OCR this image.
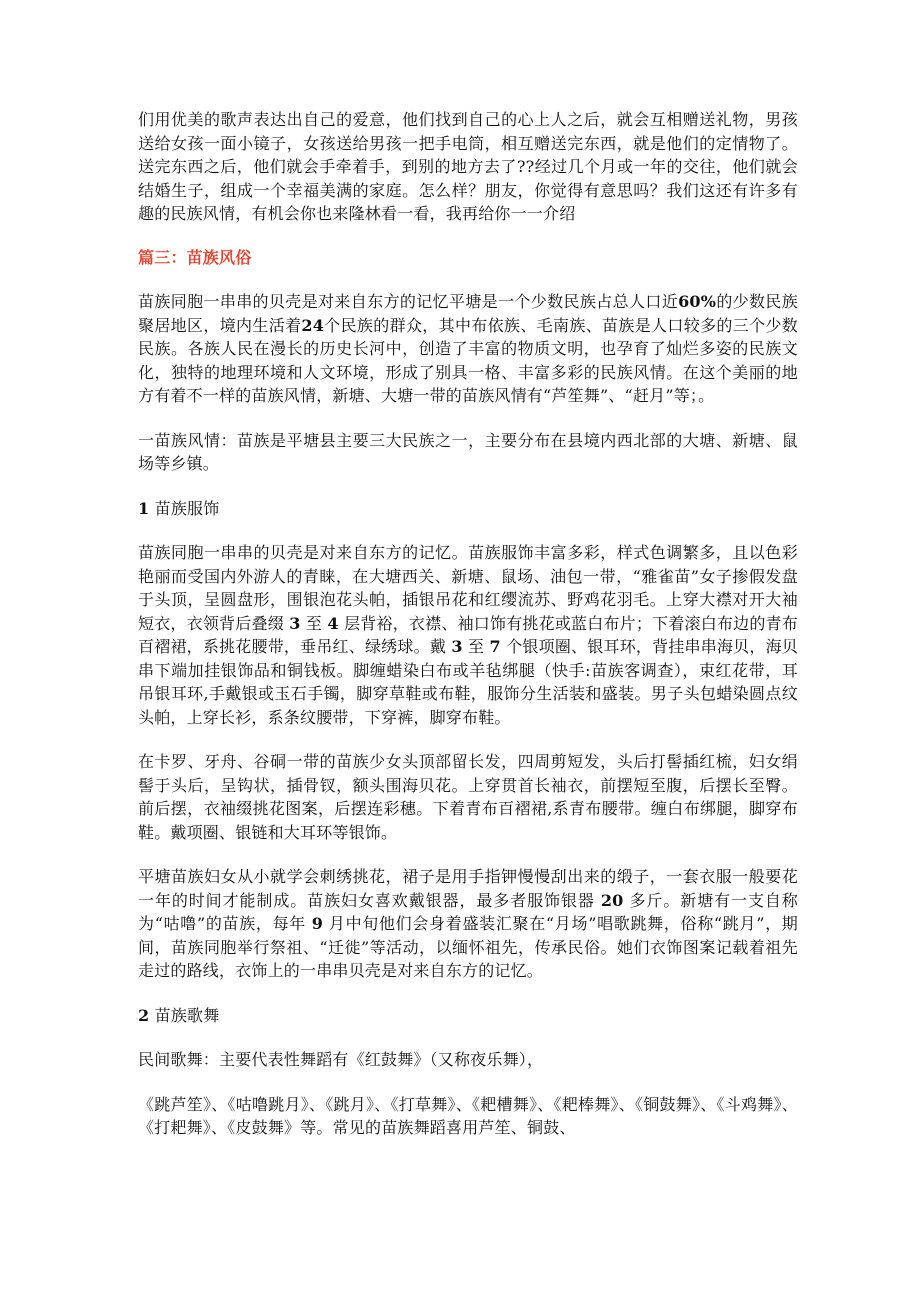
们用优美的歌声表达出自己的爱意，他们找到自己的心上人之后，就会互相赠送礼物，男孩送给女孩一面小镜子，女孩送给男孩一把手电筒，相互赠送完东西，就是他们的定情物了。送完东西之后，他们就会手牵着手，到别的地方去了??经过几个月或一年的交往，他们就会结婚生子，组成一个幸福美满的家庭。怎么样？朋友，你觉得有意思吗？我们这还有许多有趣的民族风情，有机会你也来隆林看一看，我再给你一一介绍

篇三：苗族风俗

苗族同胞一串串的贝壳是对来自东方的记忆平塘是一个少数民族占总人口近60%的少数民族聚居地区，境内生活着24个民族的群众，其中布依族、毛南族、苗族是人口较多的三个少数民族。各族人民在漫长的历史长河中，创造了丰富的物质文明，也孕育了灿烂多姿的民族文化，独特的地理环境和人文环境，形成了别具一格、丰富多彩的民族风情。在这个美丽的地方有着不一样的苗族风情，新塘、大塘一带的苗族风情有“芦笙舞”、“赶月”等；。

一苗族风情：苗族是平塘县主要三大民族之一，主要分布在县境内西北部的大塘、新塘、鼠场等乡镇。

1 苗族服饰

苗族同胞一串串的贝壳是对来自东方的记忆。苗族服饰丰富多彩，样式色调繁多，且以色彩艳丽而受国内外游人的青睐，在大塘西关、新塘、鼠场、油包一带，“雅雀苗”女子掺假发盘于头顶，呈圆盘形，围银泡花头帕，插银吊花和红缨流苏、野鸡花羽毛。上穿大襟对开大袖短衣，衣领背后叠缀 3 至 4 层背裕，衣襟、袖口饰有挑花或蓝白布片；下着滚白布边的青布百褶裙，系挑花腰带，垂吊红、绿绣球。戴 3 至 7 个银项圈、银耳环，背挂串串海贝，海贝串下端加挂银饰品和铜钱板。脚缠蜡染白布或羊毡绑腿（快手:苗族客调查），束红花带，耳吊银耳环,手戴银或玉石手镯，脚穿草鞋或布鞋，服饰分生活装和盛装。男子头包蜡染圆点纹头帕，上穿长衫，系条纹腰带，下穿裤，脚穿布鞋。

在卡罗、牙舟、谷硐一带的苗族少女头顶部留长发，四周剪短发，头后打髻插红梳，妇女绢髻于头后，呈钩状，插骨钗，额头围海贝花。上穿贯首长袖衣，前摆短至腹，后摆长至臀。前后摆，衣袖缀挑花图案，后摆连彩穗。下着青布百褶裙,系青布腰带。缠白布绑腿，脚穿布鞋。戴项圈、银链和大耳环等银饰。

平塘苗族妇女从小就学会刺绣挑花，裙子是用手指钾慢慢刮出来的缎子，一套衣服一般要花一年的时间才能制成。苗族妇女喜欢戴银器，最多者服饰银器 20 多斤。新塘有一支自称为“咕噜”的苗族，每年 9 月中旬他们会身着盛装汇聚在“月场”唱歌跳舞，俗称“跳月”，期间，苗族同胞举行祭祖、“迁徙”等活动，以缅怀祖先，传承民俗。她们衣饰图案记载着祖先走过的路线，衣饰上的一串串贝壳是对来自东方的记忆。

2 苗族歌舞

民间歌舞：主要代表性舞蹈有《红鼓舞》（又称夜乐舞），

《跳芦笙》、《咕噜跳月》、《跳月》、《打草舞》、《耙槽舞》、《耙棒舞》、《铜鼓舞》、《斗鸡舞》、《打耙舞》、《皮鼓舞》等。常见的苗族舞蹈喜用芦笙、铜鼓、
